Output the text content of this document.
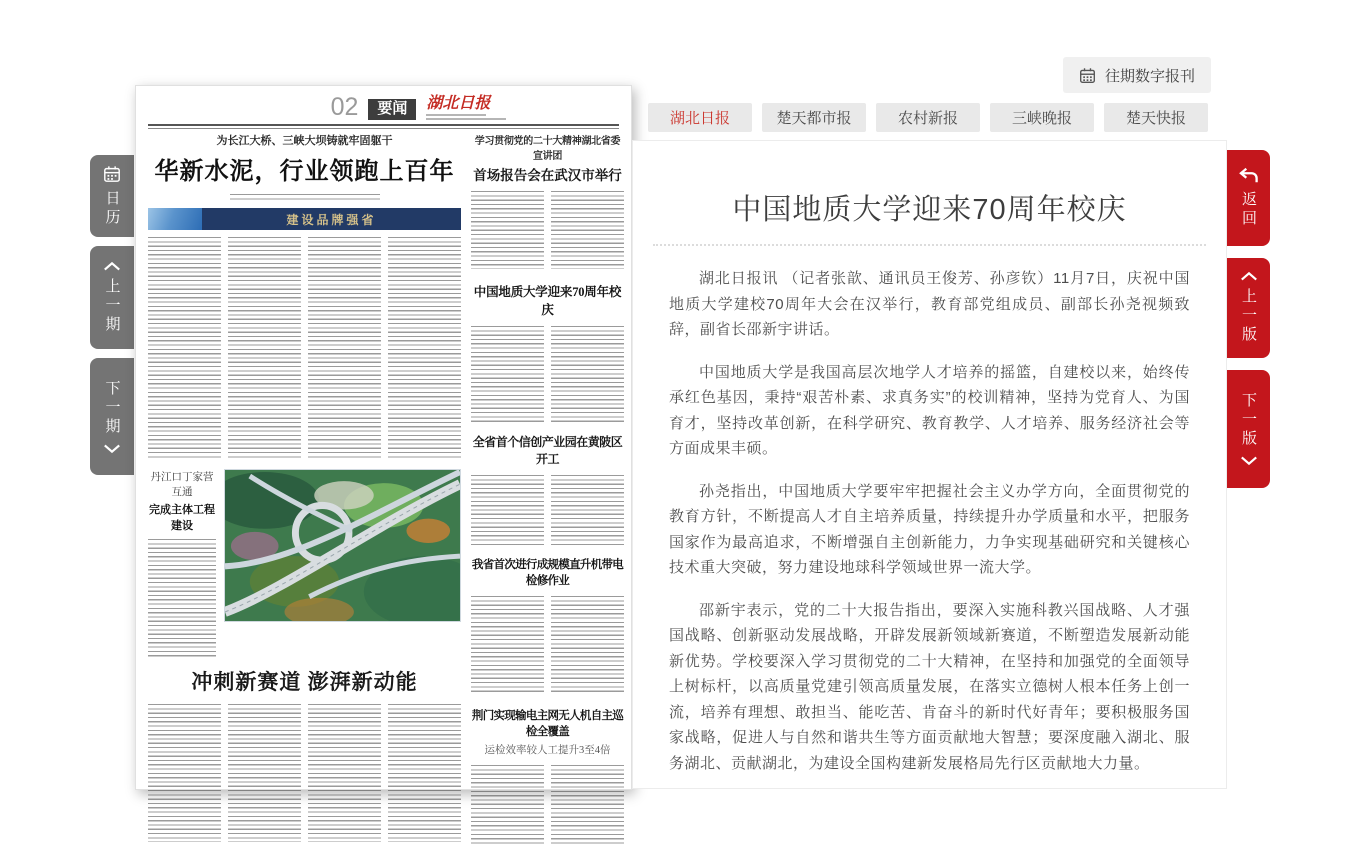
往期数字报刊
湖北日报	楚天都市报	农村新报	三峡晚报	楚天快报
日历
上一期
下一期
02	要闻	湖北日报
为长江大桥、三峡大坝铸就牢固躯干
华新水泥，行业领跑上百年
建设品牌强省
丹江口丁家营互通
完成主体工程建设
冲刺新赛道 澎湃新动能
学习贯彻党的二十大精神湖北省委宣讲团
首场报告会在武汉市举行
中国地质大学迎来70周年校庆
全省首个信创产业园在黄陂区开工
我省首次进行成规模直升机带电检修作业
荆门实现输电主网无人机自主巡检全覆盖
运检效率较人工提升3至4倍
中国地质大学迎来70周年校庆

湖北日报讯 （记者张歆、通讯员王俊芳、孙彦钦）11月7日，庆祝中国地质大学建校70周年大会在汉举行，教育部党组成员、副部长孙尧视频致辞，副省长邵新宇讲话。

中国地质大学是我国高层次地学人才培养的摇篮，自建校以来，始终传承红色基因，秉持“艰苦朴素、求真务实”的校训精神，坚持为党育人、为国育才，坚持改革创新，在科学研究、教育教学、人才培养、服务经济社会等方面成果丰硕。

孙尧指出，中国地质大学要牢牢把握社会主义办学方向，全面贯彻党的教育方针，不断提高人才自主培养质量，持续提升办学质量和水平，把服务国家作为最高追求，不断增强自主创新能力，力争实现基础研究和关键核心技术重大突破，努力建设地球科学领域世界一流大学。

邵新宇表示，党的二十大报告指出，要深入实施科教兴国战略、人才强国战略、创新驱动发展战略，开辟发展新领域新赛道，不断塑造发展新动能新优势。学校要深入学习贯彻党的二十大精神，在坚持和加强党的全面领导上树标杆，以高质量党建引领高质量发展，在落实立德树人根本任务上创一流，培养有理想、敢担当、能吃苦、肯奋斗的新时代好青年；要积极服务国家战略，促进人与自然和谐共生等方面贡献地大智慧；要深度融入湖北、服务湖北、贡献湖北，为建设全国构建新发展格局先行区贡献地大力量。

返回
上一版
下一版
